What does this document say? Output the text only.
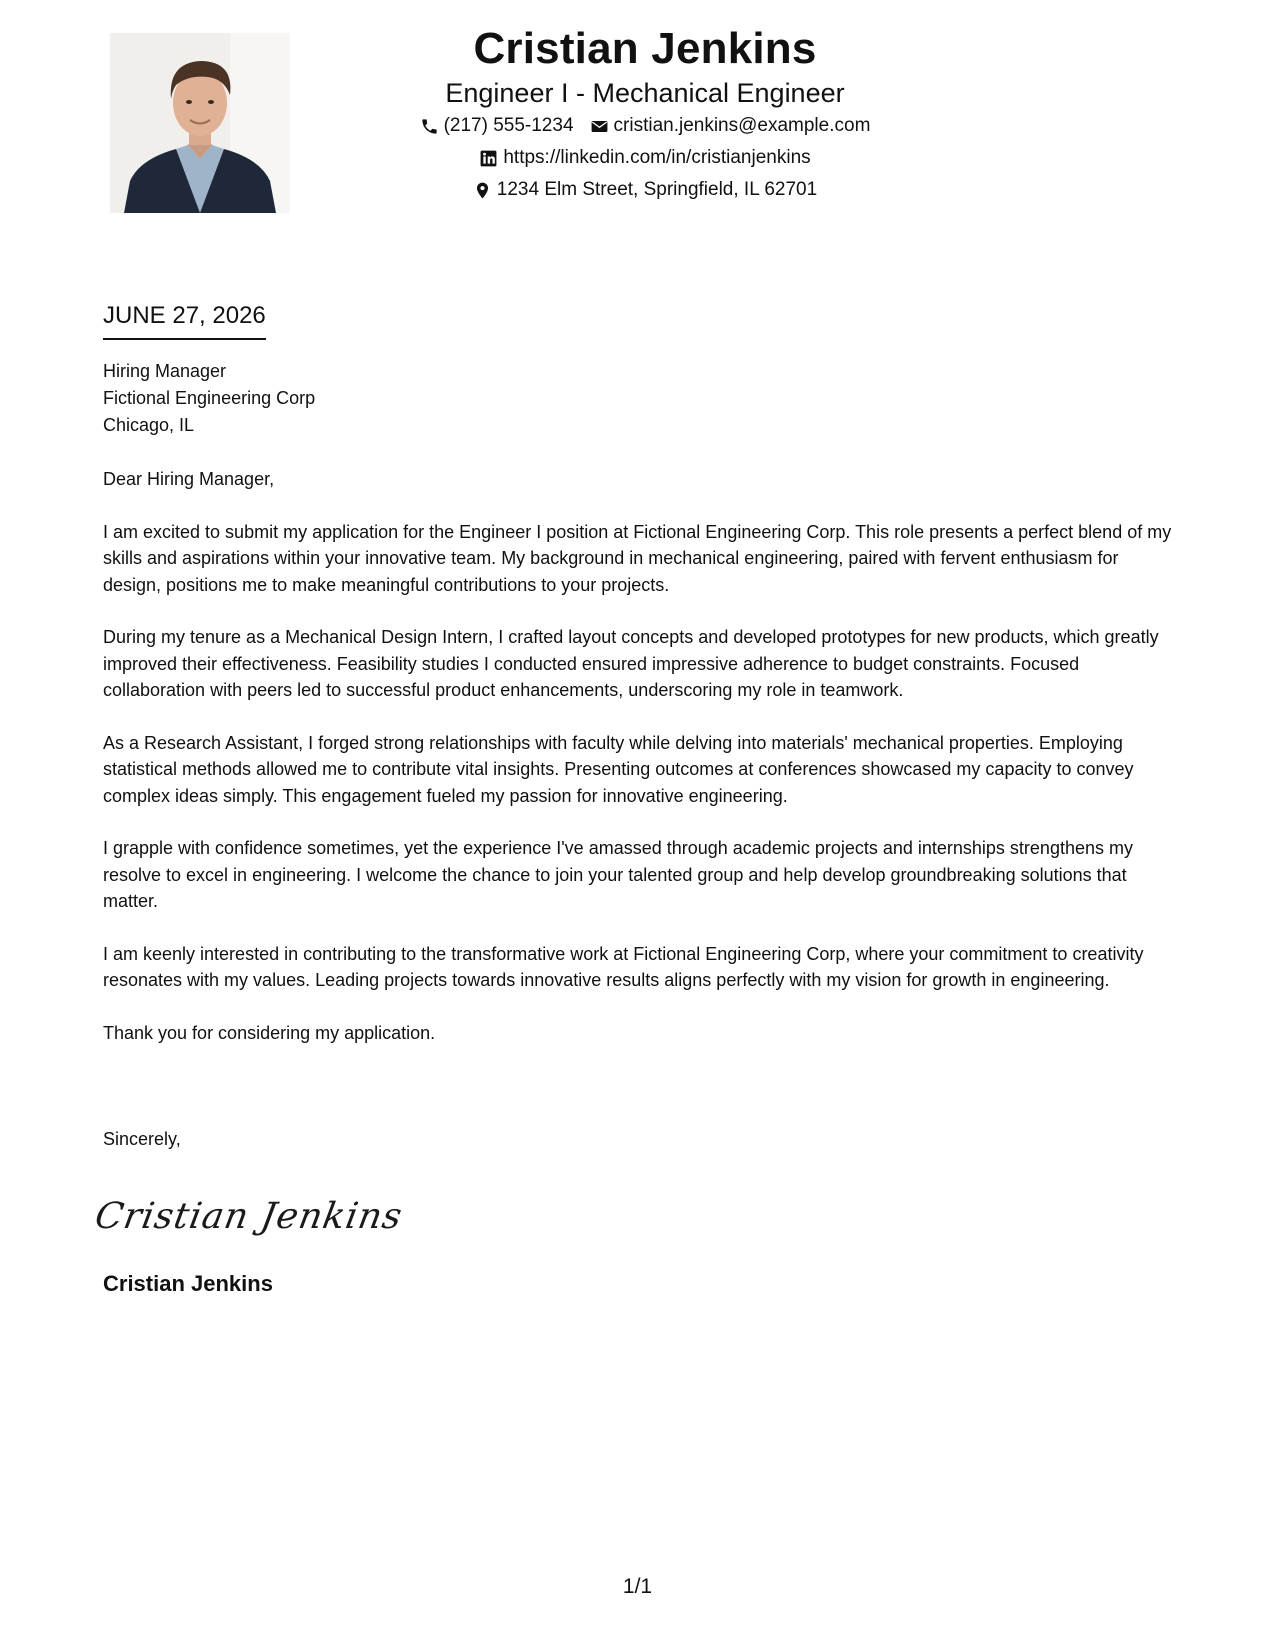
Cristian Jenkins
Engineer I - Mechanical Engineer
(217) 555-1234 cristian.jenkins@example.com
https://linkedin.com/in/cristianjenkins
1234 Elm Street, Springfield, IL 62701
JUNE 27, 2026
Hiring Manager
Fictional Engineering Corp
Chicago, IL

Dear Hiring Manager,

I am excited to submit my application for the Engineer I position at Fictional Engineering Corp. This role presents a perfect blend of my skills and aspirations within your innovative team. My background in mechanical engineering, paired with fervent enthusiasm for design, positions me to make meaningful contributions to your projects.

During my tenure as a Mechanical Design Intern, I crafted layout concepts and developed prototypes for new products, which greatly improved their effectiveness. Feasibility studies I conducted ensured impressive adherence to budget constraints. Focused collaboration with peers led to successful product enhancements, underscoring my role in teamwork.

As a Research Assistant, I forged strong relationships with faculty while delving into materials' mechanical properties. Employing statistical methods allowed me to contribute vital insights. Presenting outcomes at conferences showcased my capacity to convey complex ideas simply. This engagement fueled my passion for innovative engineering.

I grapple with confidence sometimes, yet the experience I've amassed through academic projects and internships strengthens my resolve to excel in engineering. I welcome the chance to join your talented group and help develop groundbreaking solutions that matter.

I am keenly interested in contributing to the transformative work at Fictional Engineering Corp, where your commitment to creativity resonates with my values. Leading projects towards innovative results aligns perfectly with my vision for growth in engineering.

Thank you for considering my application.

Sincerely,
Cristian Jenkins
Cristian Jenkins
1/1
